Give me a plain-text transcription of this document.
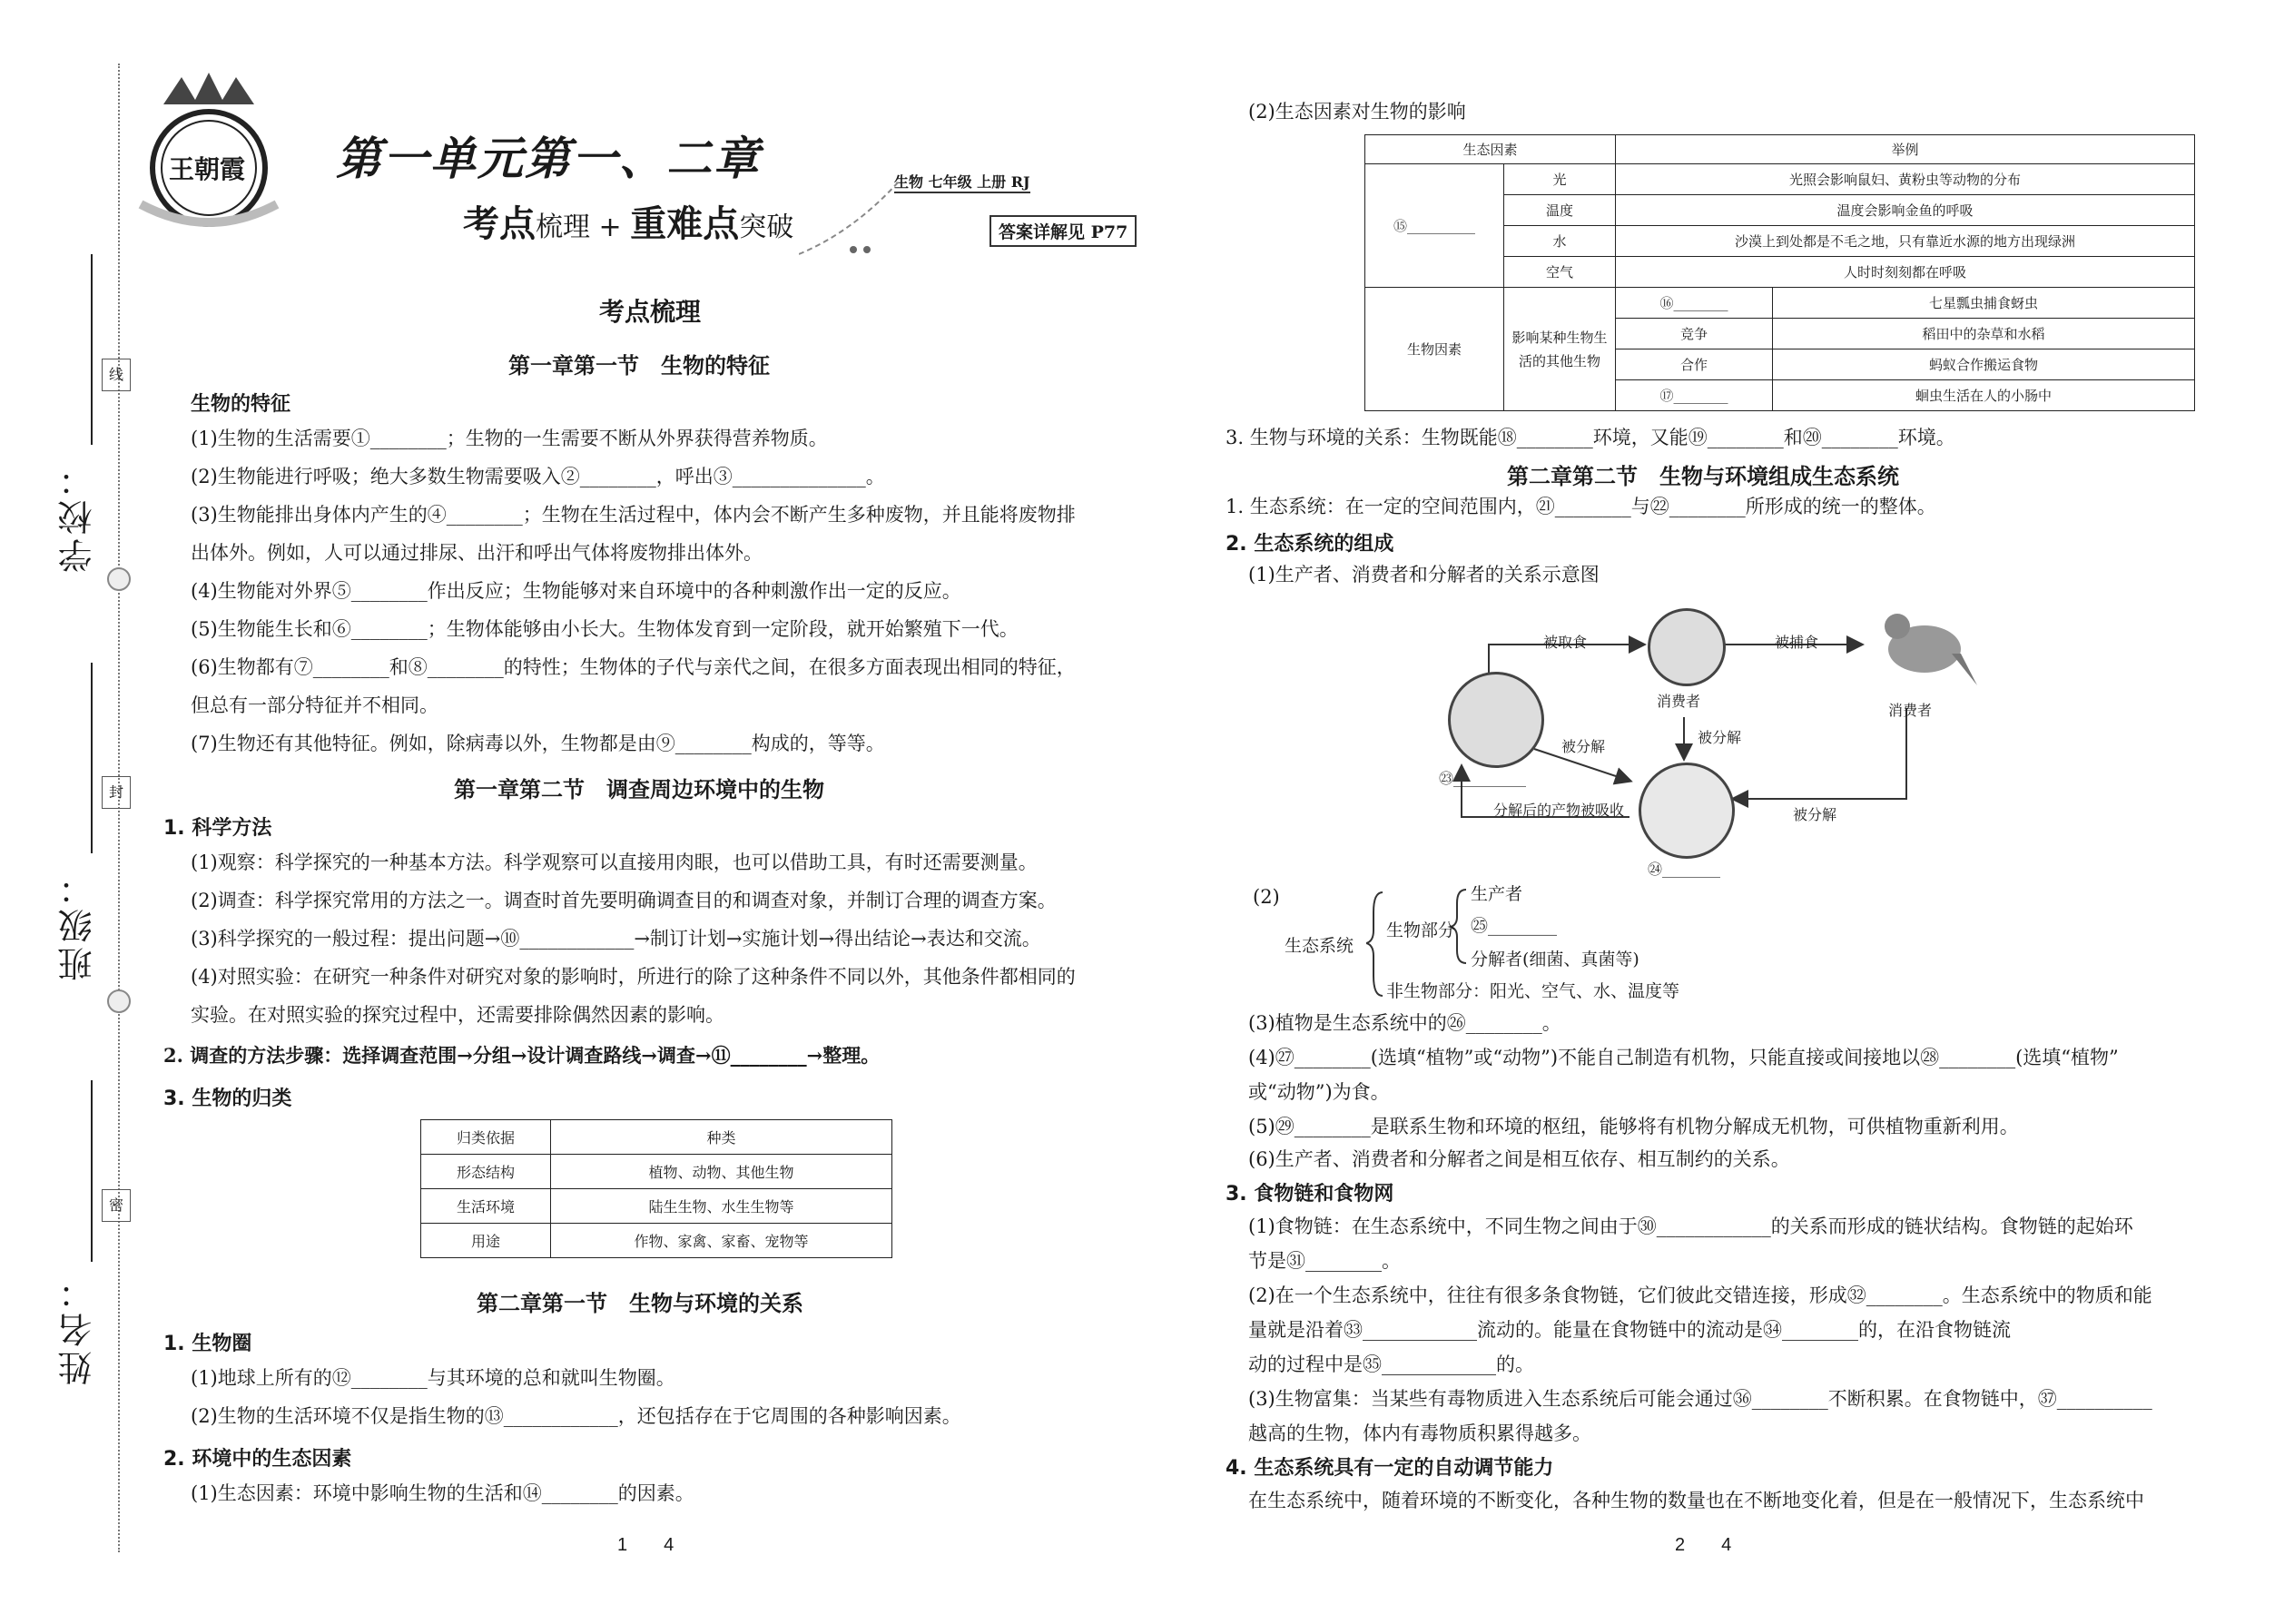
学校：
班级：
姓名：
线
封
密
王朝霞 第一单元第一、二章
考点梳理 + 重难点突破
生物 七年级 上册 RJ
答案详解见 P77
考点梳理
第一章第一节　生物的特征
生物的特征
(1)生物的生活需要①________；生物的一生需要不断从外界获得营养物质。
(2)生物能进行呼吸；绝大多数生物需要吸入②________，呼出③______________。
(3)生物能排出身体内产生的④________；生物在生活过程中，体内会不断产生多种废物，并且能将废物排
出体外。例如，人可以通过排尿、出汗和呼出气体将废物排出体外。
(4)生物能对外界⑤________作出反应；生物能够对来自环境中的各种刺激作出一定的反应。
(5)生物能生长和⑥________；生物体能够由小长大。生物体发育到一定阶段，就开始繁殖下一代。
(6)生物都有⑦________和⑧________的特性；生物体的子代与亲代之间，在很多方面表现出相同的特征，
但总有一部分特征并不相同。
(7)生物还有其他特征。例如，除病毒以外，生物都是由⑨________构成的，等等。
第一章第二节　调查周边环境中的生物
1. 科学方法
(1)观察：科学探究的一种基本方法。科学观察可以直接用肉眼，也可以借助工具，有时还需要测量。
(2)调查：科学探究常用的方法之一。调查时首先要明确调查目的和调查对象，并制订合理的调查方案。
(3)科学探究的一般过程：提出问题→⑩____________→制订计划→实施计划→得出结论→表达和交流。
(4)对照实验：在研究一种条件对研究对象的影响时，所进行的除了这种条件不同以外，其他条件都相同的
实验。在对照实验的探究过程中，还需要排除偶然因素的影响。
2. 调查的方法步骤：选择调查范围→分组→设计调查路线→调查→⑪________→整理。
3. 生物的归类
归类依据	种类
形态结构	植物、动物、其他生物
生活环境	陆生生物、水生生物等
用途	作物、家禽、家畜、宠物等
第二章第一节　生物与环境的关系
1. 生物圈
(1)地球上所有的⑫________与其环境的总和就叫生物圈。
(2)生物的生活环境不仅是指生物的⑬____________，还包括存在于它周围的各种影响因素。
2. 环境中的生态因素
(1)生态因素：环境中影响生物的生活和⑭________的因素。
1　　4
(2)生态因素对生物的影响
生态因素		举例	
⑮__________	光	光照会影响鼠妇、黄粉虫等动物的分布	
	温度	温度会影响金鱼的呼吸	
	水	沙漠上到处都是不毛之地，只有靠近水源的地方出现绿洲	
	空气	人时时刻刻都在呼吸	
生物因素	影响某种生物生活的其他生物	⑯________	七星瓢虫捕食蚜虫
		竞争	稻田中的杂草和水稻
		合作	蚂蚁合作搬运食物
		⑰________	蛔虫生活在人的小肠中
3. 生物与环境的关系：生物既能⑱________环境，又能⑲________和⑳________环境。
第二章第二节　生物与环境组成生态系统
1. 生态系统：在一定的空间范围内，㉑________与㉒________所形成的统一的整体。
2. 生态系统的组成
(1)生产者、消费者和分解者的关系示意图
被取食	被捕食
消费者
消费者
被分解
被分解
被分解
分解后的产物被吸收
㉓__________
㉔________
(2)
生态系统
生物部分
生产者
㉕________
分解者(细菌、真菌等)
非生物部分：阳光、空气、水、温度等
(3)植物是生态系统中的㉖________。
(4)㉗________(选填“植物”或“动物”)不能自己制造有机物，只能直接或间接地以㉘________(选填“植物”
或“动物”)为食。
(5)㉙________是联系生物和环境的枢纽，能够将有机物分解成无机物，可供植物重新利用。
(6)生产者、消费者和分解者之间是相互依存、相互制约的关系。
3. 食物链和食物网
(1)食物链：在生态系统中，不同生物之间由于㉚____________的关系而形成的链状结构。食物链的起始环
节是㉛________。
(2)在一个生态系统中，往往有很多条食物链，它们彼此交错连接，形成㉜________。生态系统中的物质和能
量就是沿着㉝____________流动的。能量在食物链中的流动是㉞________的，在沿食物链流
动的过程中是㉟____________的。
(3)生物富集：当某些有毒物质进入生态系统后可能会通过㊱________不断积累。在食物链中，㊲__________
越高的生物，体内有毒物质积累得越多。
4. 生态系统具有一定的自动调节能力
在生态系统中，随着环境的不断变化，各种生物的数量也在不断地变化着，但是在一般情况下，生态系统中
2　　4
